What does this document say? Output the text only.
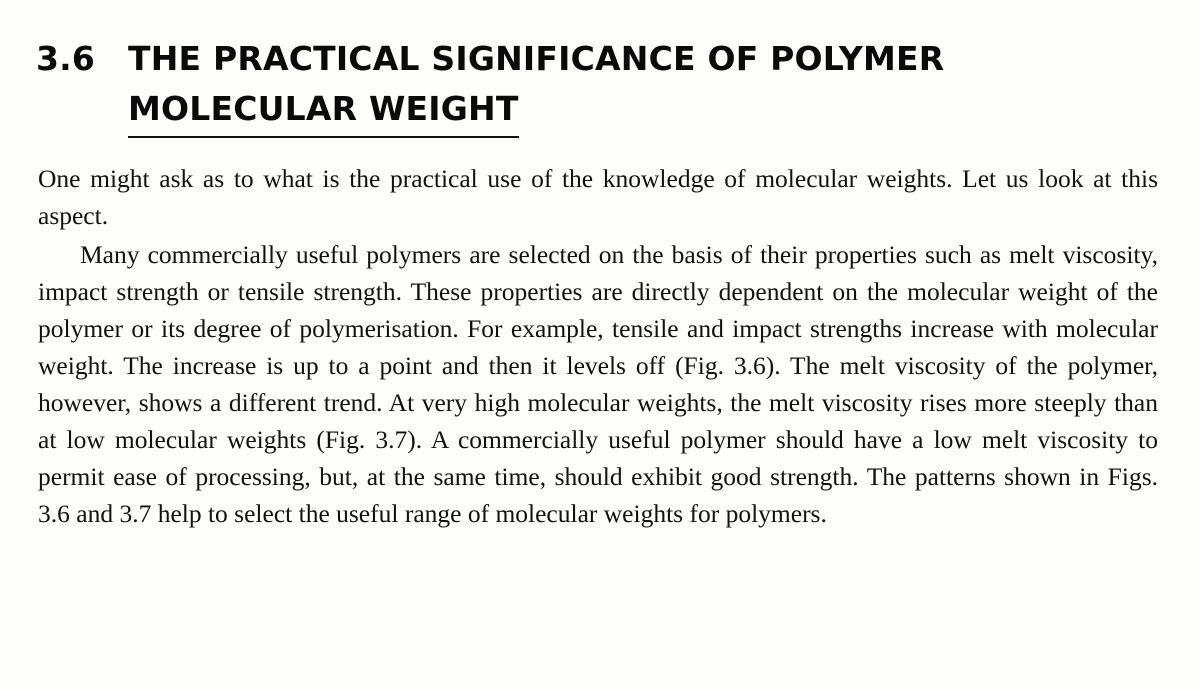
3.6 THE PRACTICAL SIGNIFICANCE OF POLYMER
MOLECULAR WEIGHT

One might ask as to what is the practical use of the knowledge of molecular weights. Let us look at this aspect.

Many commercially useful polymers are selected on the basis of their properties such as melt viscosity, impact strength or tensile strength. These properties are directly dependent on the molecular weight of the polymer or its degree of polymerisation. For example, tensile and impact strengths increase with molecular weight. The increase is up to a point and then it levels off (Fig. 3.6). The melt viscosity of the polymer, however, shows a different trend. At very high molecular weights, the melt viscosity rises more steeply than at low molecular weights (Fig. 3.7). A commercially useful polymer should have a low melt viscosity to permit ease of processing, but, at the same time, should exhibit good strength. The patterns shown in Figs. 3.6 and 3.7 help to select the useful range of molecular weights for polymers.
